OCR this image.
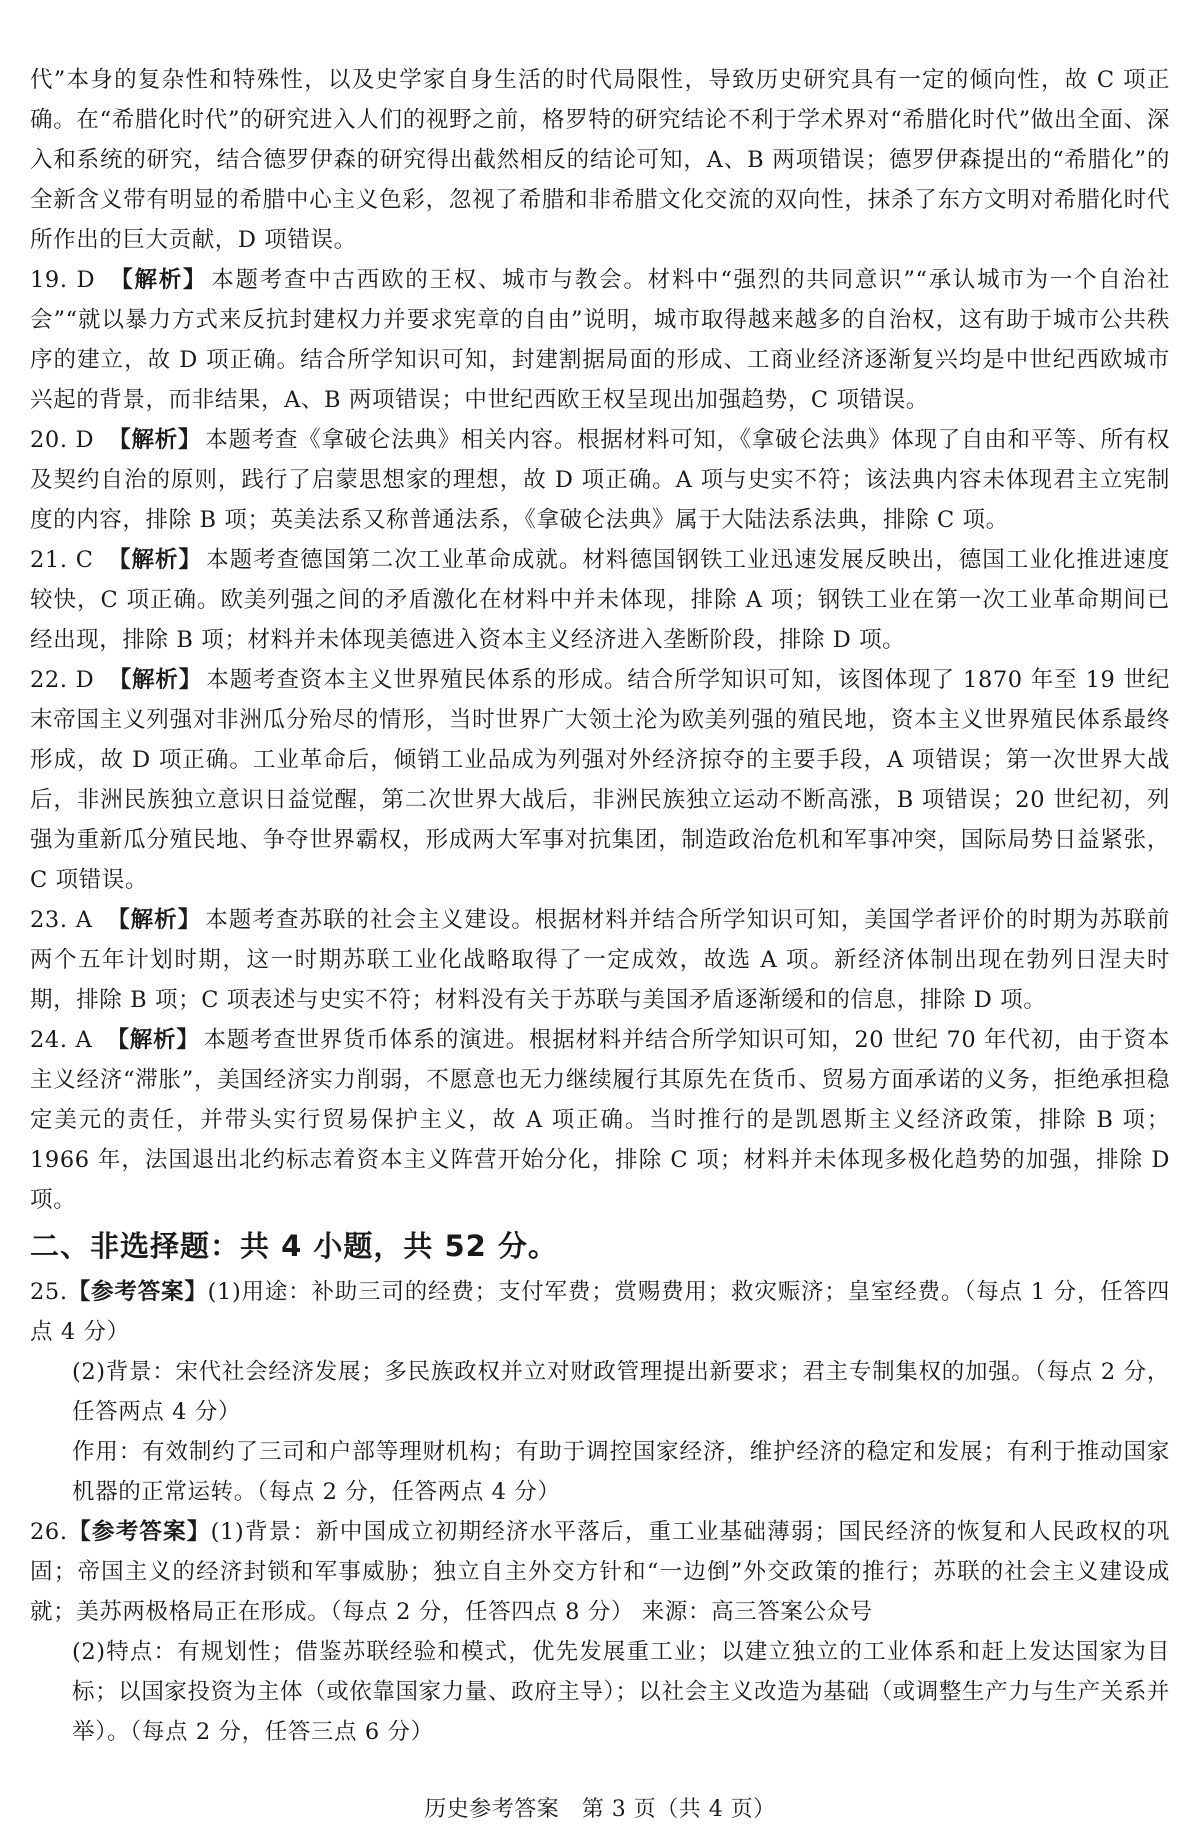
代”本身的复杂性和特殊性，以及史学家自身生活的时代局限性，导致历史研究具有一定的倾向性，故 C 项正确。在“希腊化时代”的研究进入人们的视野之前，格罗特的研究结论不利于学术界对“希腊化时代”做出全面、深入和系统的研究，结合德罗伊森的研究得出截然相反的结论可知，A、B 两项错误；德罗伊森提出的“希腊化”的全新含义带有明显的希腊中心主义色彩，忽视了希腊和非希腊文化交流的双向性，抹杀了东方文明对希腊化时代所作出的巨大贡献，D 项错误。

19. D 【解析】 本题考查中古西欧的王权、城市与教会。材料中“强烈的共同意识”“承认城市为一个自治社会”“就以暴力方式来反抗封建权力并要求宪章的自由”说明，城市取得越来越多的自治权，这有助于城市公共秩序的建立，故 D 项正确。结合所学知识可知，封建割据局面的形成、工商业经济逐渐复兴均是中世纪西欧城市兴起的背景，而非结果，A、B 两项错误；中世纪西欧王权呈现出加强趋势，C 项错误。

20. D 【解析】 本题考查《拿破仑法典》相关内容。根据材料可知，《拿破仑法典》体现了自由和平等、所有权及契约自治的原则，践行了启蒙思想家的理想，故 D 项正确。A 项与史实不符；该法典内容未体现君主立宪制度的内容，排除 B 项；英美法系又称普通法系，《拿破仑法典》属于大陆法系法典，排除 C 项。

21. C 【解析】 本题考查德国第二次工业革命成就。材料德国钢铁工业迅速发展反映出，德国工业化推进速度较快，C 项正确。欧美列强之间的矛盾激化在材料中并未体现，排除 A 项；钢铁工业在第一次工业革命期间已经出现，排除 B 项；材料并未体现美德进入资本主义经济进入垄断阶段，排除 D 项。

22. D 【解析】 本题考查资本主义世界殖民体系的形成。结合所学知识可知，该图体现了 1870 年至 19 世纪末帝国主义列强对非洲瓜分殆尽的情形，当时世界广大领土沦为欧美列强的殖民地，资本主义世界殖民体系最终形成，故 D 项正确。工业革命后，倾销工业品成为列强对外经济掠夺的主要手段，A 项错误；第一次世界大战后，非洲民族独立意识日益觉醒，第二次世界大战后，非洲民族独立运动不断高涨，B 项错误；20 世纪初，列强为重新瓜分殖民地、争夺世界霸权，形成两大军事对抗集团，制造政治危机和军事冲突，国际局势日益紧张，C 项错误。

23. A 【解析】 本题考查苏联的社会主义建设。根据材料并结合所学知识可知，美国学者评价的时期为苏联前两个五年计划时期，这一时期苏联工业化战略取得了一定成效，故选 A 项。新经济体制出现在勃列日涅夫时期，排除 B 项；C 项表述与史实不符；材料没有关于苏联与美国矛盾逐渐缓和的信息，排除 D 项。

24. A 【解析】 本题考查世界货币体系的演进。根据材料并结合所学知识可知，20 世纪 70 年代初，由于资本主义经济“滞胀”，美国经济实力削弱，不愿意也无力继续履行其原先在货币、贸易方面承诺的义务，拒绝承担稳定美元的责任，并带头实行贸易保护主义，故 A 项正确。当时推行的是凯恩斯主义经济政策，排除 B 项；1966 年，法国退出北约标志着资本主义阵营开始分化，排除 C 项；材料并未体现多极化趋势的加强，排除 D 项。

二、非选择题：共 4 小题，共 52 分。

25.【参考答案】(1)用途：补助三司的经费；支付军费；赏赐费用；救灾赈济；皇室经费。（每点 1 分，任答四点 4 分）

(2)背景：宋代社会经济发展；多民族政权并立对财政管理提出新要求；君主专制集权的加强。（每点 2 分，任答两点 4 分）

作用：有效制约了三司和户部等理财机构；有助于调控国家经济，维护经济的稳定和发展；有利于推动国家机器的正常运转。（每点 2 分，任答两点 4 分）

26.【参考答案】(1)背景：新中国成立初期经济水平落后，重工业基础薄弱；国民经济的恢复和人民政权的巩固；帝国主义的经济封锁和军事威胁；独立自主外交方针和“一边倒”外交政策的推行；苏联的社会主义建设成就；美苏两极格局正在形成。（每点 2 分，任答四点 8 分） 来源：高三答案公众号

(2)特点：有规划性；借鉴苏联经验和模式，优先发展重工业；以建立独立的工业体系和赶上发达国家为目标；以国家投资为主体（或依靠国家力量、政府主导）；以社会主义改造为基础（或调整生产力与生产关系并举）。（每点 2 分，任答三点 6 分）

历史参考答案　第 3 页（共 4 页）
